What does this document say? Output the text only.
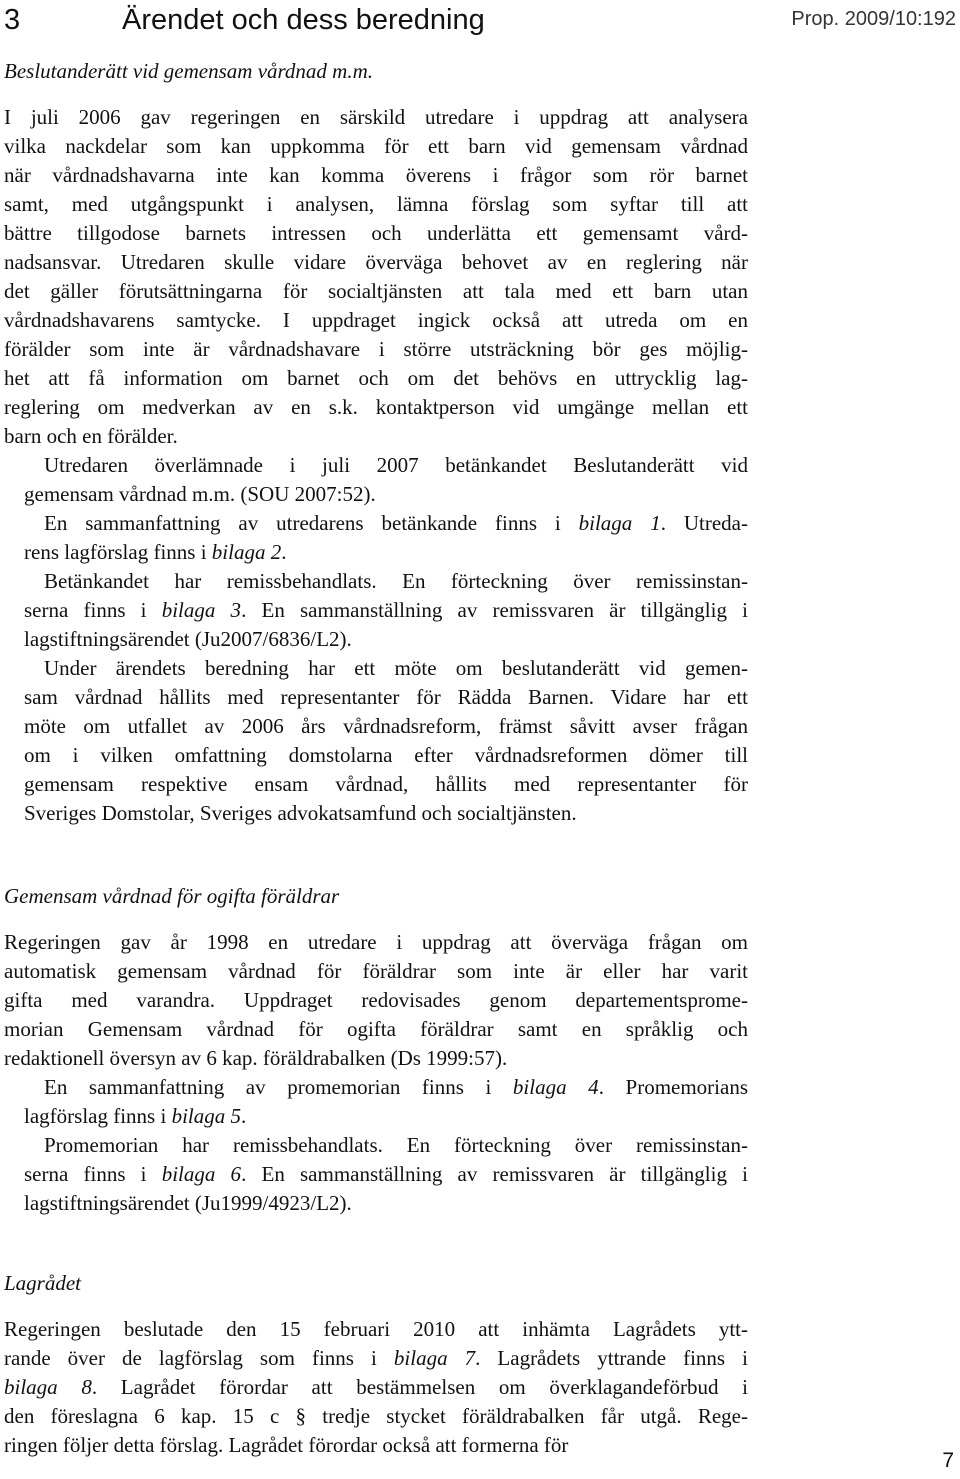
3	Ärendet och dess beredning	Prop. 2009/10:192
Beslutanderätt vid gemensam vårdnad m.m.
I juli 2006 gav regeringen en särskild utredare i uppdrag att analysera
vilka nackdelar som kan uppkomma för ett barn vid gemensam vårdnad
när vårdnadshavarna inte kan komma överens i frågor som rör barnet
samt, med utgångspunkt i analysen, lämna förslag som syftar till att
bättre tillgodose barnets intressen och underlätta ett gemensamt vård-
nadsansvar. Utredaren skulle vidare överväga behovet av en reglering när
det gäller förutsättningarna för socialtjänsten att tala med ett barn utan
vårdnadshavarens samtycke. I uppdraget ingick också att utreda om en
förälder som inte är vårdnadshavare i större utsträckning bör ges möjlig-
het att få information om barnet och om det behövs en uttrycklig lag-
reglering om medverkan av en s.k. kontaktperson vid umgänge mellan ett
barn och en förälder.
Utredaren överlämnade i juli 2007 betänkandet Beslutanderätt vid
gemensam vårdnad m.m. (SOU 2007:52).
En sammanfattning av utredarens betänkande finns i bilaga 1. Utreda-
rens lagförslag finns i bilaga 2.
Betänkandet har remissbehandlats. En förteckning över remissinstan-
serna finns i bilaga 3. En sammanställning av remissvaren är tillgänglig i
lagstiftningsärendet (Ju2007/6836/L2).
Under ärendets beredning har ett möte om beslutanderätt vid gemen-
sam vårdnad hållits med representanter för Rädda Barnen. Vidare har ett
möte om utfallet av 2006 års vårdnadsreform, främst såvitt avser frågan
om i vilken omfattning domstolarna efter vårdnadsreformen dömer till
gemensam respektive ensam vårdnad, hållits med representanter för
Sveriges Domstolar, Sveriges advokatsamfund och socialtjänsten.
Gemensam vårdnad för ogifta föräldrar
Regeringen gav år 1998 en utredare i uppdrag att överväga frågan om
automatisk gemensam vårdnad för föräldrar som inte är eller har varit
gifta med varandra. Uppdraget redovisades genom departementsprome-
morian Gemensam vårdnad för ogifta föräldrar samt en språklig och
redaktionell översyn av 6 kap. föräldrabalken (Ds 1999:57).
En sammanfattning av promemorian finns i bilaga 4. Promemorians
lagförslag finns i bilaga 5.
Promemorian har remissbehandlats. En förteckning över remissinstan-
serna finns i bilaga 6. En sammanställning av remissvaren är tillgänglig i
lagstiftningsärendet (Ju1999/4923/L2).
Lagrådet
Regeringen beslutade den 15 februari 2010 att inhämta Lagrådets ytt-
rande över de lagförslag som finns i bilaga 7. Lagrådets yttrande finns i
bilaga 8. Lagrådet förordar att bestämmelsen om överklagandeförbud i
den föreslagna 6 kap. 15 c § tredje stycket föräldrabalken får utgå. Rege-
ringen följer detta förslag. Lagrådet förordar också att formerna för
7
